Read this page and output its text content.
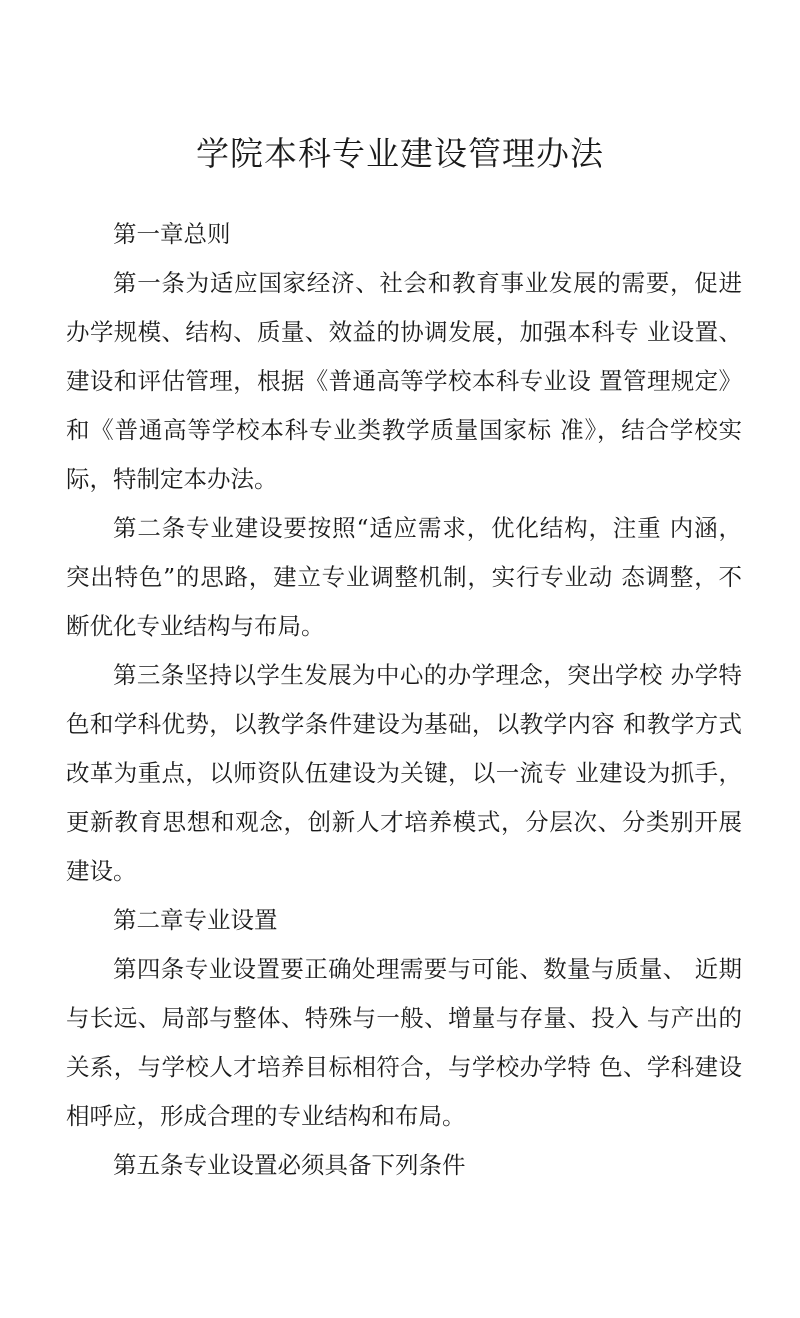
学院本科专业建设管理办法

第一章总则

第一条为适应国家经济、社会和教育事业发展的需要，促进办学规模、结构、质量、效益的协调发展，加强本科专 业设置、建设和评估管理，根据《普通高等学校本科专业设 置管理规定》和《普通高等学校本科专业类教学质量国家标 准》，结合学校实际，特制定本办法。

第二条专业建设要按照“适应需求，优化结构，注重 内涵，突出特色”的思路，建立专业调整机制，实行专业动 态调整，不断优化专业结构与布局。

第三条坚持以学生发展为中心的办学理念，突出学校 办学特色和学科优势，以教学条件建设为基础，以教学内容 和教学方式改革为重点，以师资队伍建设为关键，以一流专 业建设为抓手，更新教育思想和观念，创新人才培养模式，分层次、分类别开展建设。

第二章专业设置

第四条专业设置要正确处理需要与可能、数量与质量、 近期与长远、局部与整体、特殊与一般、增量与存量、投入 与产出的关系，与学校人才培养目标相符合，与学校办学特 色、学科建设相呼应，形成合理的专业结构和布局。

第五条专业设置必须具备下列条件
